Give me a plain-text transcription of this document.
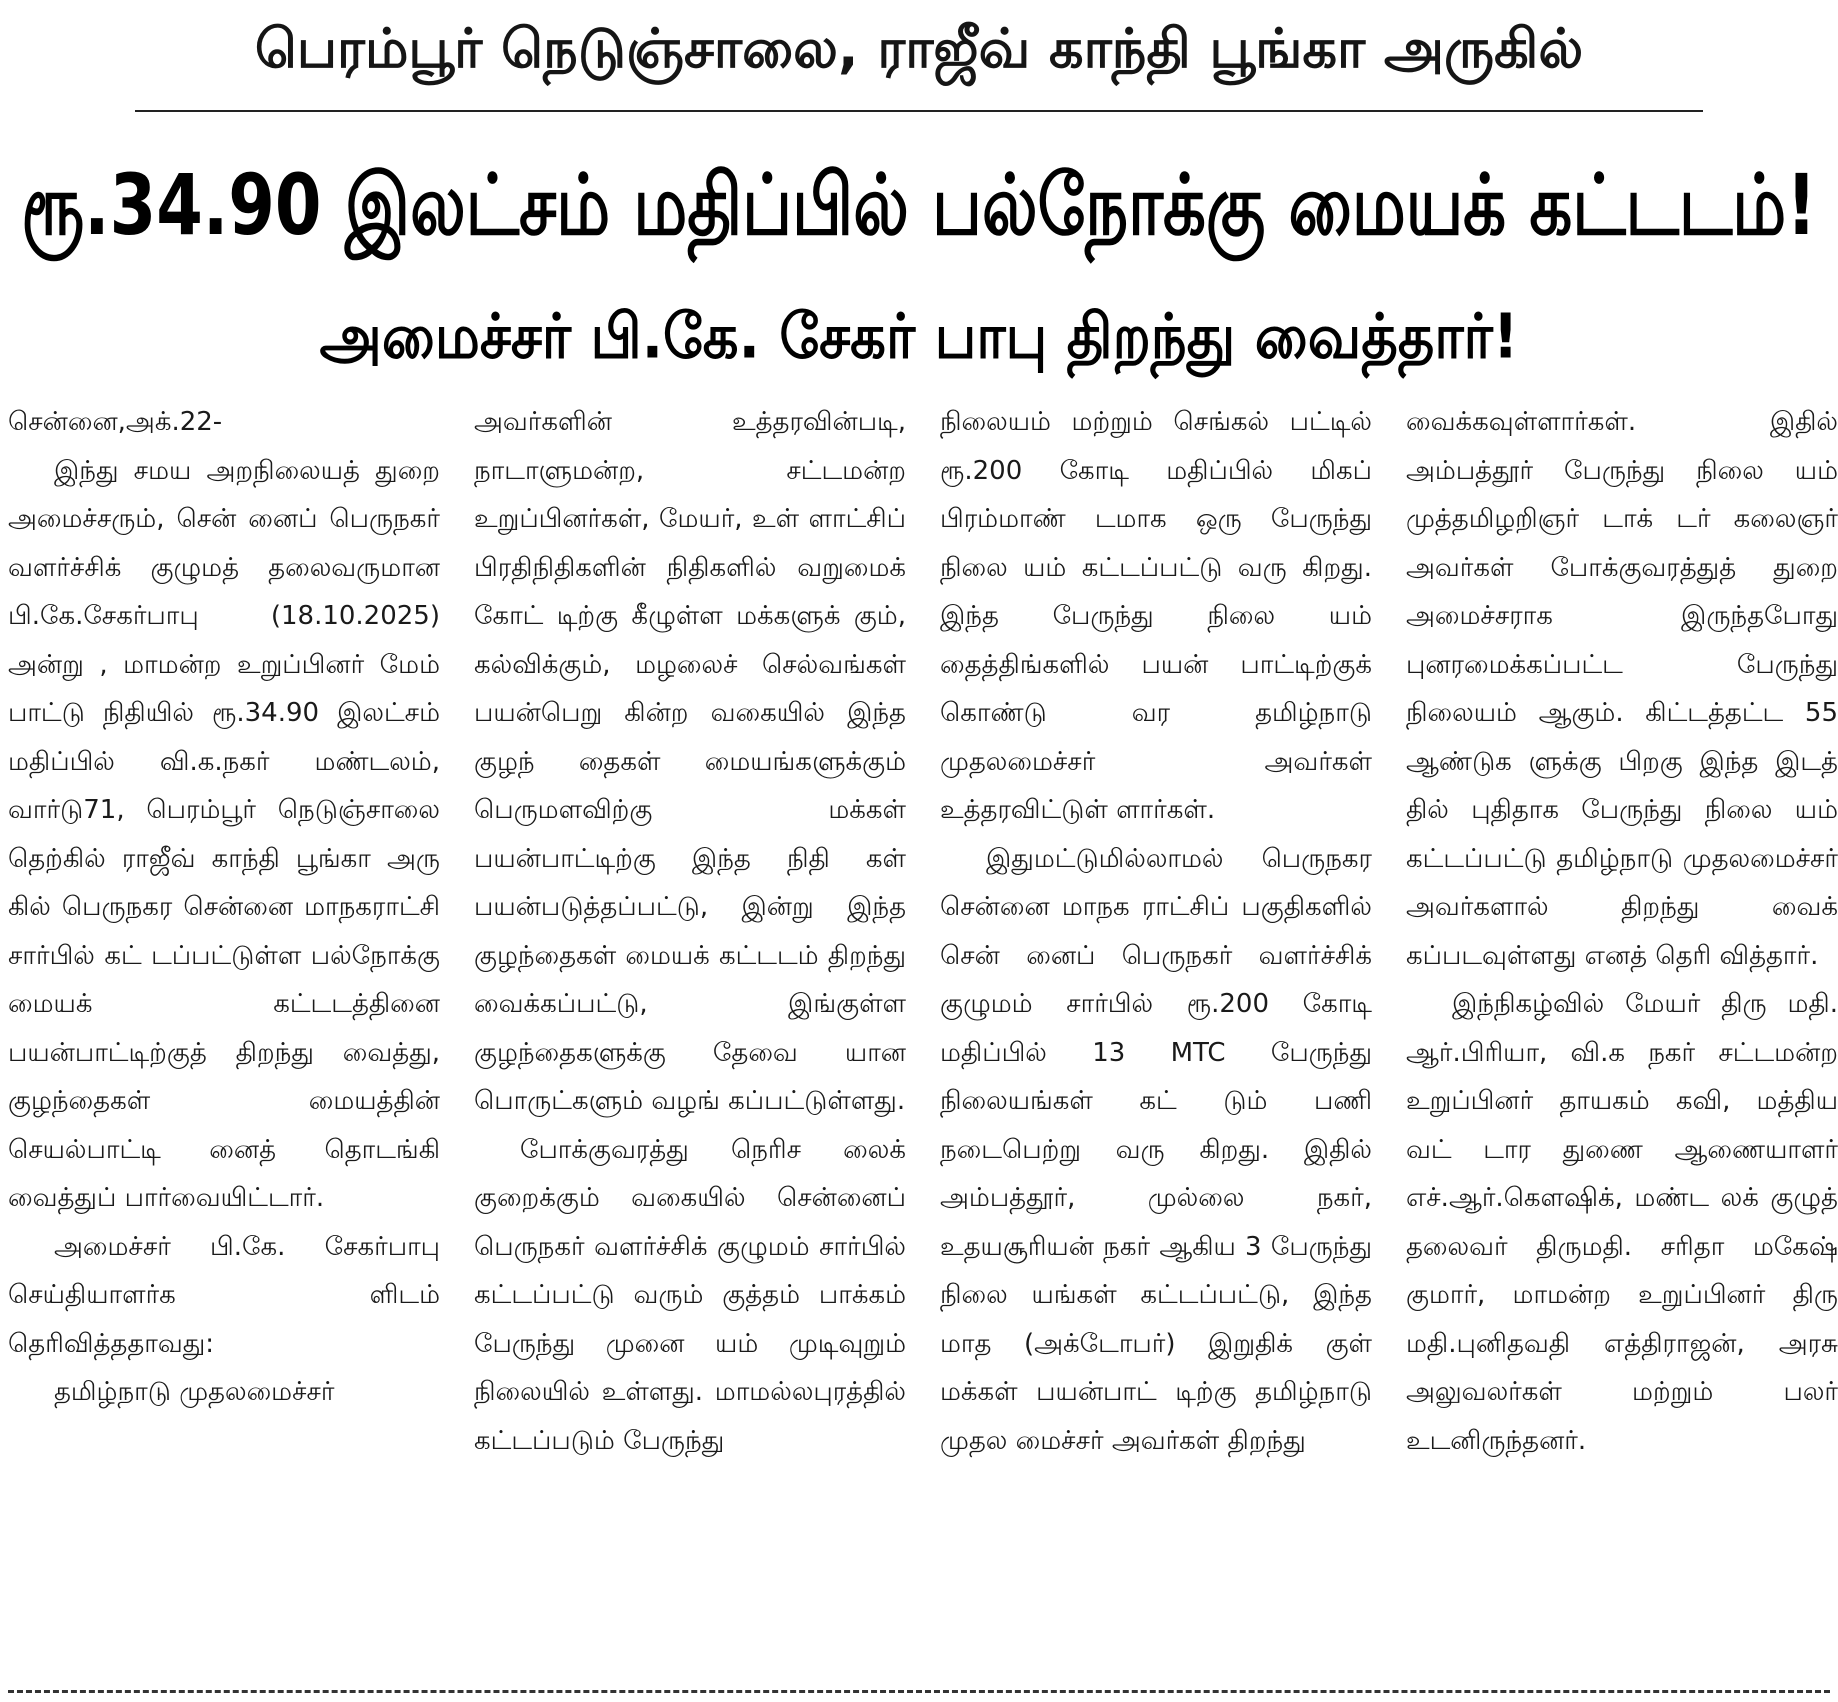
பெரம்பூர் நெடுஞ்சாலை, ராஜீவ் காந்தி பூங்கா அருகில்
ரூ.34.90 இலட்சம் மதிப்பில் பல்நோக்கு மையக் கட்டடம்!
அமைச்சர் பி.கே. சேகர் பாபு திறந்து வைத்தார்!

சென்னை,அக்.22-

இந்து சமய அறநிலையத் துறை அமைச்சரும், சென் னைப் பெருநகர் வளர்ச்சிக் குழுமத் தலைவருமான பி.கே.சேகர்பாபு (18.10.2025) அன்று , மாமன்ற உறுப்பினர் மேம் பாட்டு நிதியில் ரூ.34.90 இலட்சம் மதிப்பில் வி.க.நகர் மண்டலம், வார்டு71, பெரம்பூர் நெடுஞ்சாலை தெற்கில் ராஜீவ் காந்தி பூங்கா அரு கில் பெருநகர சென்னை மாநகராட்சி சார்பில் கட் டப்பட்டுள்ள பல்நோக்கு மையக் கட்டடத்தினை பயன்பாட்டிற்குத் திறந்து வைத்து, குழந்தைகள் மையத்தின் செயல்பாட்டி னைத் தொடங்கி வைத்துப் பார்வையிட்டார்.

அமைச்சர் பி.கே. சேகர்பாபு செய்தியாளர்க ளிடம் தெரிவித்ததாவது:

தமிழ்நாடு முதலமைச்சர்

அவர்களின் உத்தரவின்படி, நாடாளுமன்ற, சட்டமன்ற உறுப்பினர்கள், மேயர், உள் ளாட்சிப் பிரதிநிதிகளின் நிதிகளில் வறுமைக் கோட் டிற்கு கீழுள்ள மக்களுக் கும், கல்விக்கும், மழலைச் செல்வங்கள் பயன்பெறு கின்ற வகையில் இந்த குழந் தைகள் மையங்களுக்கும் பெருமளவிற்கு மக்கள் பயன்பாட்டிற்கு இந்த நிதி கள் பயன்படுத்தப்பட்டு, இன்று இந்த குழந்தைகள் மையக் கட்டடம் திறந்து வைக்கப்பட்டு, இங்குள்ள குழந்தைகளுக்கு தேவை யான பொருட்களும் வழங் கப்பட்டுள்ளது.

போக்குவரத்து நெரிச லைக் குறைக்கும் வகையில் சென்னைப் பெருநகர் வளர்ச்சிக் குழுமம் சார்பில் கட்டப்பட்டு வரும் குத்தம் பாக்கம் பேருந்து முனை யம் முடிவுறும் நிலையில் உள்ளது. மாமல்லபுரத்தில் கட்டப்படும் பேருந்து

நிலையம் மற்றும் செங்கல் பட்டில் ரூ.200 கோடி மதிப்பில் மிகப் பிரம்மாண் டமாக ஒரு பேருந்து நிலை யம் கட்டப்பட்டு வரு கிறது. இந்த பேருந்து நிலை யம் தைத்திங்களில் பயன் பாட்டிற்குக் கொண்டு வர தமிழ்நாடு முதலமைச்சர் அவர்கள் உத்தரவிட்டுள் ளார்கள்.

இதுமட்டுமில்லாமல் பெருநகர சென்னை மாநக ராட்சிப் பகுதிகளில் சென் னைப் பெருநகர் வளர்ச்சிக் குழுமம் சார்பில் ரூ.200 கோடி மதிப்பில் 13 MTC பேருந்து நிலையங்கள் கட் டும் பணி நடைபெற்று வரு கிறது. இதில் அம்பத்தூர், முல்லை நகர், உதயசூரியன் நகர் ஆகிய 3 பேருந்து நிலை யங்கள் கட்டப்பட்டு, இந்த மாத (அக்டோபர்) இறுதிக் குள் மக்கள் பயன்பாட் டிற்கு தமிழ்நாடு முதல மைச்சர் அவர்கள் திறந்து

வைக்கவுள்ளார்கள். இதில் அம்பத்தூர் பேருந்து நிலை யம் முத்தமிழறிஞர் டாக் டர் கலைஞர் அவர்கள் போக்குவரத்துத் துறை அமைச்சராக இருந்தபோது புனரமைக்கப்பட்ட பேருந்து நிலையம் ஆகும். கிட்டத்தட்ட 55 ஆண்டுக ளுக்கு பிறகு இந்த இடத் தில் புதிதாக பேருந்து நிலை யம் கட்டப்பட்டு தமிழ்நாடு முதலமைச்சர் அவர்களால் திறந்து வைக் கப்படவுள்ளது எனத் தெரி வித்தார்.

இந்நிகழ்வில் மேயர் திரு மதி. ஆர்.பிரியா, வி.க நகர் சட்டமன்ற உறுப்பினர் தாயகம் கவி, மத்திய வட் டார துணை ஆணையாளர் எச்.ஆர்.கௌஷிக், மண்ட லக் குழுத் தலைவர் திருமதி. சரிதா மகேஷ் குமார், மாமன்ற உறுப்பினர் திரு மதி.புனிதவதி எத்திராஜன், அரசு அலுவலர்கள் மற்றும் பலர் உடனிருந்தனர்.
